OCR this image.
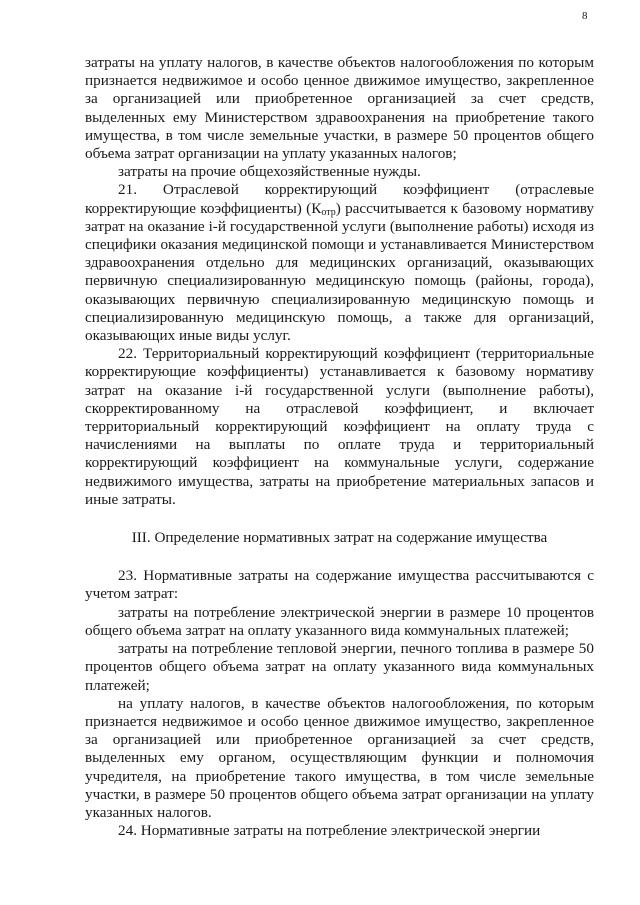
8

затраты на уплату налогов, в качестве объектов налогообложения по которым признается недвижимое и особо ценное движимое имущество, закрепленное за организацией или приобретенное организацией за счет средств, выделенных ему Министерством здравоохранения на приобретение такого имущества, в том числе земельные участки, в размере 50 процентов общего объема затрат организации на уплату указанных налогов;

затраты на прочие общехозяйственные нужды.

21. Отраслевой корректирующий коэффициент (отраслевые корректирующие коэффициенты) $(К_{отр})$ рассчитывается к базовому нормативу затрат на оказание i-й государственной услуги (выполнение работы) исходя из специфики оказания медицинской помощи и устанавливается Министерством здравоохранения отдельно для медицинских организаций, оказывающих первичную специализированную медицинскую помощь (районы, города), оказывающих первичную специализированную медицинскую помощь и специализированную медицинскую помощь, а также для организаций, оказывающих иные виды услуг.

22. Территориальный корректирующий коэффициент (территориальные корректирующие коэффициенты) устанавливается к базовому нормативу затрат на оказание i-й государственной услуги (выполнение работы), скорректированному на отраслевой коэффициент, и включает территориальный корректирующий коэффициент на оплату труда с начислениями на выплаты по оплате труда и территориальный корректирующий коэффициент на коммунальные услуги, содержание недвижимого имущества, затраты на приобретение материальных запасов и иные затраты.

III. Определение нормативных затрат на содержание имущества

23. Нормативные затраты на содержание имущества рассчитываются с учетом затрат:

затраты на потребление электрической энергии в размере 10 процентов общего объема затрат на оплату указанного вида коммунальных платежей;

затраты на потребление тепловой энергии, печного топлива в размере 50 процентов общего объема затрат на оплату указанного вида коммунальных платежей;

на уплату налогов, в качестве объектов налогообложения, по которым признается недвижимое и особо ценное движимое имущество, закрепленное за организацией или приобретенное организацией за счет средств, выделенных ему органом, осуществляющим функции и полномочия учредителя, на приобретение такого имущества, в том числе земельные участки, в размере 50 процентов общего объема затрат организации на уплату указанных налогов.

24. Нормативные затраты на потребление электрической энергии
